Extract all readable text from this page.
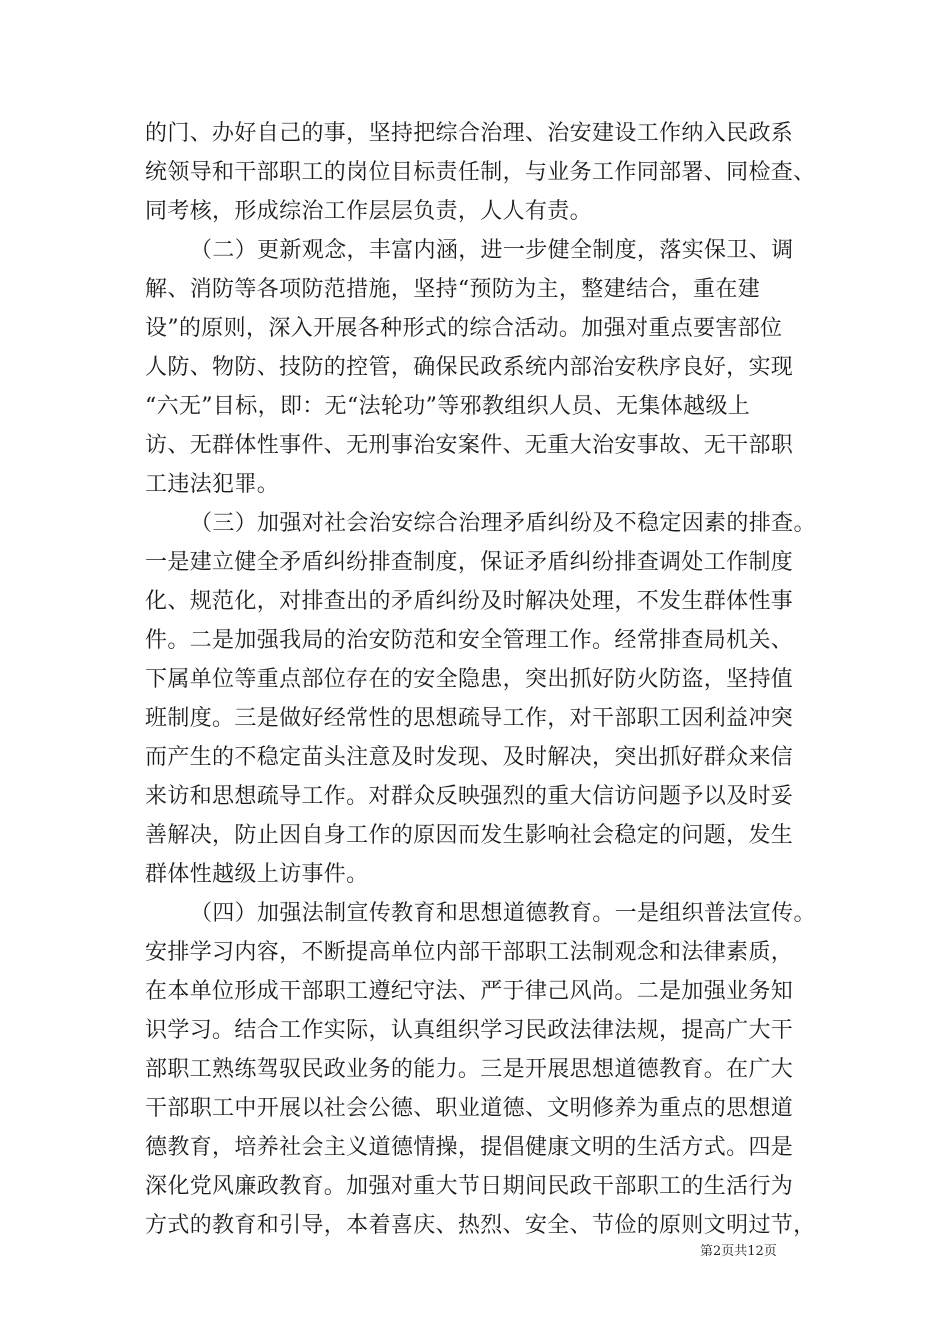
的门、办好自己的事，坚持把综合治理、治安建设工作纳入民政系
统领导和干部职工的岗位目标责任制，与业务工作同部署、同检查、
同考核，形成综治工作层层负责，人人有责。
（二）更新观念，丰富内涵，进一步健全制度，落实保卫、调
解、消防等各项防范措施，坚持“预防为主，整建结合，重在建
设”的原则，深入开展各种形式的综合活动。加强对重点要害部位
人防、物防、技防的控管，确保民政系统内部治安秩序良好，实现
“六无”目标，即：无“法轮功”等邪教组织人员、无集体越级上
访、无群体性事件、无刑事治安案件、无重大治安事故、无干部职
工违法犯罪。
（三）加强对社会治安综合治理矛盾纠纷及不稳定因素的排查。
一是建立健全矛盾纠纷排查制度，保证矛盾纠纷排查调处工作制度
化、规范化，对排查出的矛盾纠纷及时解决处理，不发生群体性事
件。二是加强我局的治安防范和安全管理工作。经常排查局机关、
下属单位等重点部位存在的安全隐患，突出抓好防火防盗，坚持值
班制度。三是做好经常性的思想疏导工作，对干部职工因利益冲突
而产生的不稳定苗头注意及时发现、及时解决，突出抓好群众来信
来访和思想疏导工作。对群众反映强烈的重大信访问题予以及时妥
善解决，防止因自身工作的原因而发生影响社会稳定的问题，发生
群体性越级上访事件。
（四）加强法制宣传教育和思想道德教育。一是组织普法宣传。
安排学习内容，不断提高单位内部干部职工法制观念和法律素质，
在本单位形成干部职工遵纪守法、严于律己风尚。二是加强业务知
识学习。结合工作实际，认真组织学习民政法律法规，提高广大干
部职工熟练驾驭民政业务的能力。三是开展思想道德教育。在广大
干部职工中开展以社会公德、职业道德、文明修养为重点的思想道
德教育，培养社会主义道德情操，提倡健康文明的生活方式。四是
深化党风廉政教育。加强对重大节日期间民政干部职工的生活行为
方式的教育和引导，本着喜庆、热烈、安全、节俭的原则文明过节，
第2页共12页
